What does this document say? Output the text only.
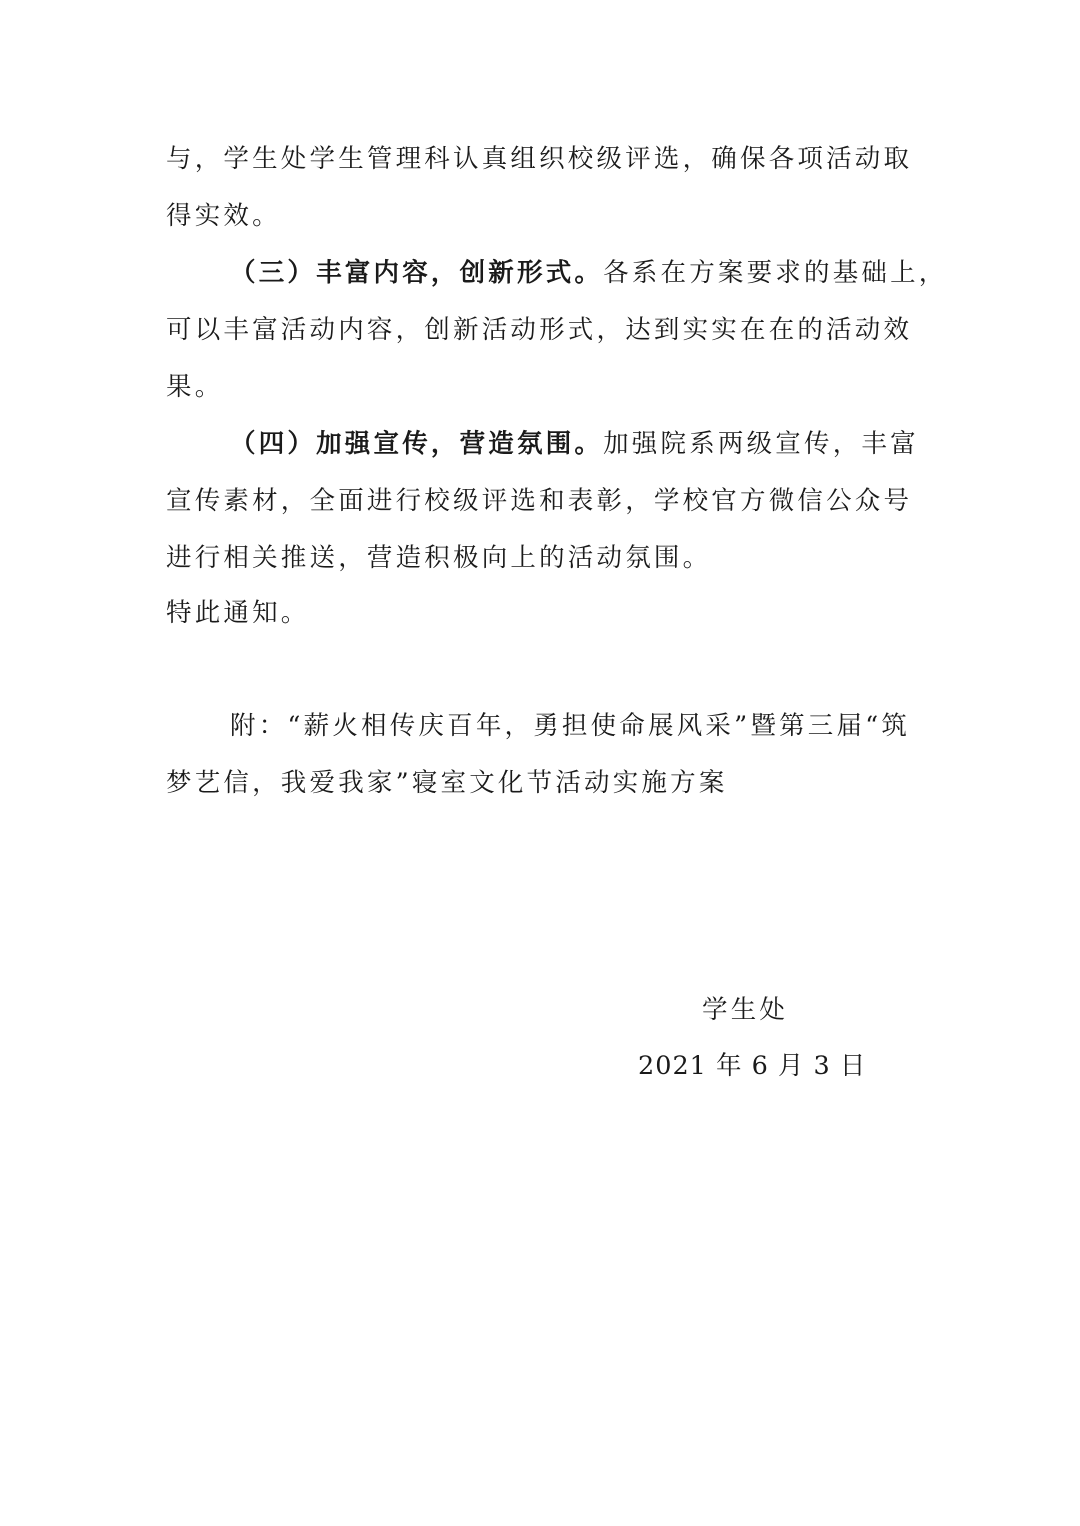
与，学生处学生管理科认真组织校级评选，确保各项活动取
得实效。
（三）丰富内容，创新形式。各系在方案要求的基础上，
可以丰富活动内容，创新活动形式，达到实实在在的活动效
果。
（四）加强宣传，营造氛围。加强院系两级宣传，丰富
宣传素材，全面进行校级评选和表彰，学校官方微信公众号
进行相关推送，营造积极向上的活动氛围。
特此通知。
附：“薪火相传庆百年，勇担使命展风采”暨第三届“筑
梦艺信，我爱我家”寝室文化节活动实施方案
学生处
2021 年 6 月 3 日
